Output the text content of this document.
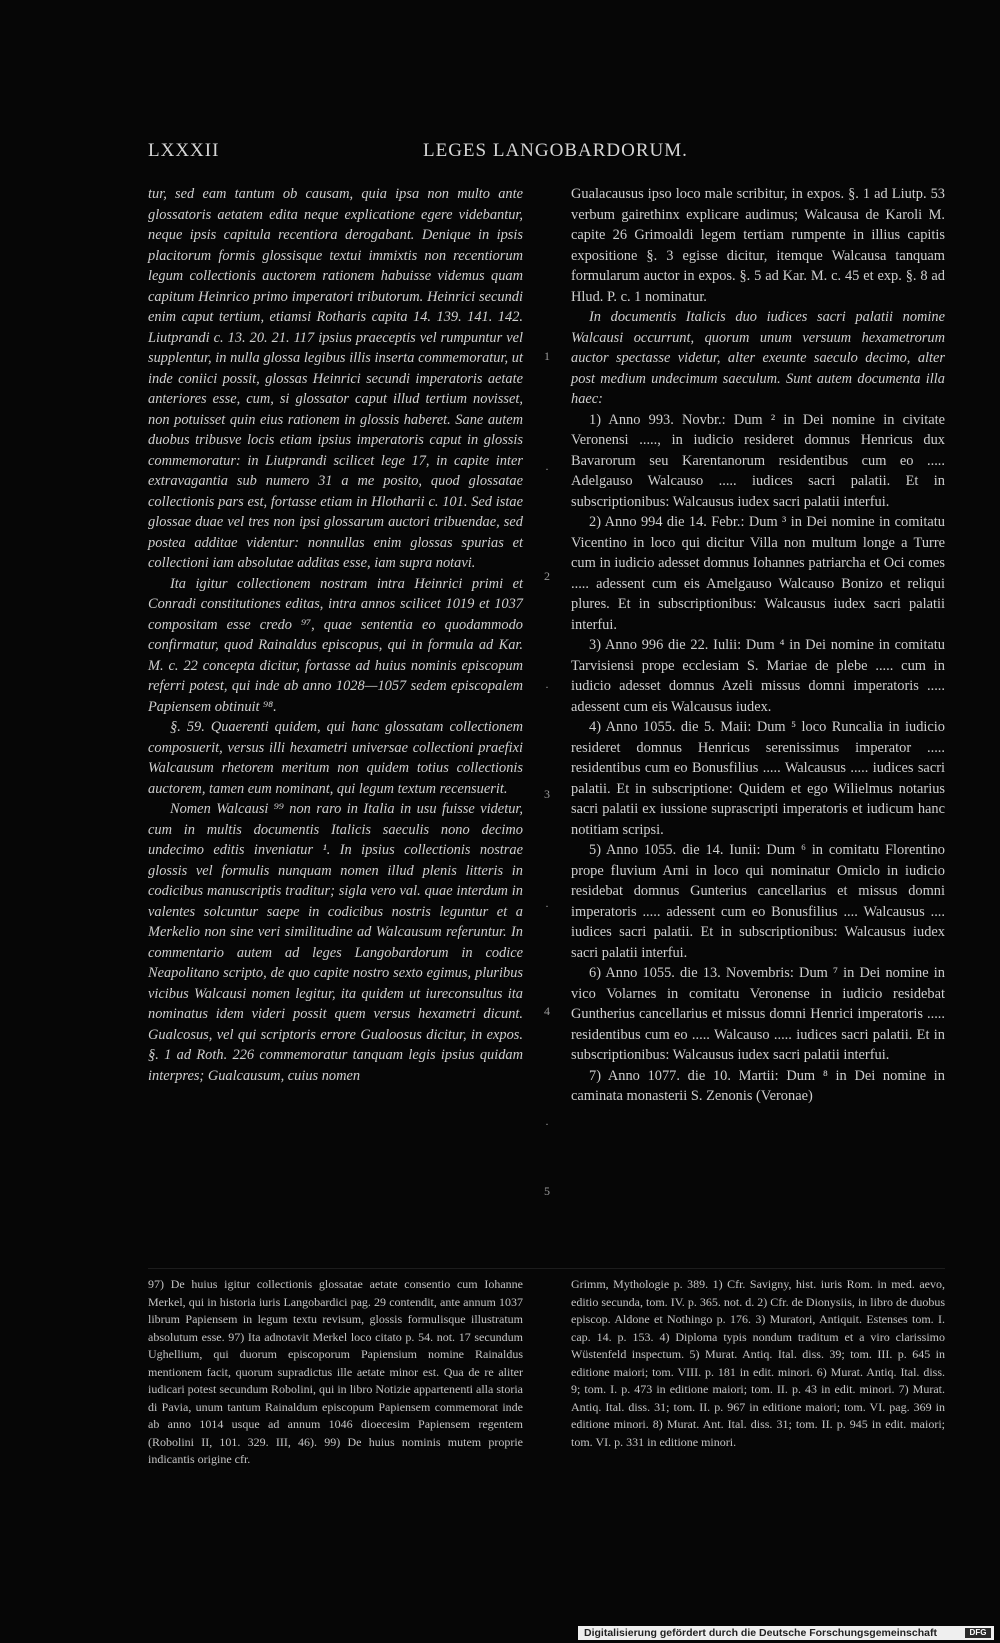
LXXXII	LEGES LANGOBARDORUM.

tur, sed eam tantum ob causam, quia ipsa non multo ante glossatoris aetatem edita neque explicatione egere videbantur, neque ipsis capitula recentiora derogabant. Denique in ipsis placitorum formis glossisque textui immixtis non recentiorum legum collectionis auctorem rationem habuisse videmus quam capitum Heinrico primo imperatori tributorum. Heinrici secundi enim caput tertium, etiamsi Rotharis capita 14. 139. 141. 142. Liutprandi c. 13. 20. 21. 117 ipsius praeceptis vel rumpuntur vel supplentur, in nulla glossa legibus illis inserta commemoratur, ut inde coniici possit, glossas Heinrici secundi imperatoris aetate anteriores esse, cum, si glossator caput illud tertium novisset, non potuisset quin eius rationem in glossis haberet. Sane autem duobus tribusve locis etiam ipsius imperatoris caput in glossis commemoratur: in Liutprandi scilicet lege 17, in capite inter extravagantia sub numero 31 a me posito, quod glossatae collectionis pars est, fortasse etiam in Hlotharii c. 101. Sed istae glossae duae vel tres non ipsi glossarum auctori tribuendae, sed postea additae videntur: nonnullas enim glossas spurias et collectioni iam absolutae additas esse, iam supra notavi.

Ita igitur collectionem nostram intra Heinrici primi et Conradi constitutiones editas, intra annos scilicet 1019 et 1037 compositam esse credo ⁹⁷, quae sententia eo quodammodo confirmatur, quod Rainaldus episcopus, qui in formula ad Kar. M. c. 22 concepta dicitur, fortasse ad huius nominis episcopum referri potest, qui inde ab anno 1028—1057 sedem episcopalem Papiensem obtinuit ⁹⁸.

§. 59. Quaerenti quidem, qui hanc glossatam collectionem composuerit, versus illi hexametri universae collectioni praefixi Walcausum rhetorem meritum non quidem totius collectionis auctorem, tamen eum nominant, qui legum textum recensuerit.

Nomen Walcausi ⁹⁹ non raro in Italia in usu fuisse videtur, cum in multis documentis Italicis saeculis nono decimo undecimo editis inveniatur ¹. In ipsius collectionis nostrae glossis vel formulis nunquam nomen illud plenis litteris in codicibus manuscriptis traditur; sigla vero val. quae interdum in valentes solcuntur saepe in codicibus nostris leguntur et a Merkelio non sine veri similitudine ad Walcausum referuntur. In commentario autem ad leges Langobardorum in codice Neapolitano scripto, de quo capite nostro sexto egimus, pluribus vicibus Walcausi nomen legitur, ita quidem ut iureconsultus ita nominatus idem videri possit quem versus hexametri dicunt. Gualcosus, vel qui scriptoris errore Gualoosus dicitur, in expos. §. 1 ad Roth. 226 commemoratur tanquam legis ipsius quidam interpres; Gualcausum, cuius nomen

1
.
2
.
3
.
4
.
5

Gualacausus ipso loco male scribitur, in expos. §. 1 ad Liutp. 53 verbum gairethinx explicare audimus; Walcausa de Karoli M. capite 26 Grimoaldi legem tertiam rumpente in illius capitis expositione §. 3 egisse dicitur, itemque Walcausa tanquam formularum auctor in expos. §. 5 ad Kar. M. c. 45 et exp. §. 8 ad Hlud. P. c. 1 nominatur.

In documentis Italicis duo iudices sacri palatii nomine Walcausi occurrunt, quorum unum versuum hexametrorum auctor spectasse videtur, alter exeunte saeculo decimo, alter post medium undecimum saeculum. Sunt autem documenta illa haec:

1) Anno 993. Novbr.: Dum ² in Dei nomine in civitate Veronensi ....., in iudicio resideret domnus Henricus dux Bavarorum seu Karentanorum residentibus cum eo ..... Adelgauso Walcauso ..... iudices sacri palatii. Et in subscriptionibus: Walcausus iudex sacri palatii interfui.

2) Anno 994 die 14. Febr.: Dum ³ in Dei nomine in comitatu Vicentino in loco qui dicitur Villa non multum longe a Turre cum in iudicio adesset domnus Iohannes patriarcha et Oci comes ..... adessent cum eis Amelgauso Walcauso Bonizo et reliqui plures. Et in subscriptionibus: Walcausus iudex sacri palatii interfui.

3) Anno 996 die 22. Iulii: Dum ⁴ in Dei nomine in comitatu Tarvisiensi prope ecclesiam S. Mariae de plebe ..... cum in iudicio adesset domnus Azeli missus domni imperatoris ..... adessent cum eis Walcausus iudex.

4) Anno 1055. die 5. Maii: Dum ⁵ loco Runcalia in iudicio resideret domnus Henricus serenissimus imperator ..... residentibus cum eo Bonusfilius ..... Walcausus ..... iudices sacri palatii. Et in subscriptione: Quidem et ego Wilielmus notarius sacri palatii ex iussione suprascripti imperatoris et iudicum hanc notitiam scripsi.

5) Anno 1055. die 14. Iunii: Dum ⁶ in comitatu Florentino prope fluvium Arni in loco qui nominatur Omiclo in iudicio residebat domnus Gunterius cancellarius et missus domni imperatoris ..... adessent cum eo Bonusfilius .... Walcausus .... iudices sacri palatii. Et in subscriptionibus: Walcausus iudex sacri palatii interfui.

6) Anno 1055. die 13. Novembris: Dum ⁷ in Dei nomine in vico Volarnes in comitatu Veronense in iudicio residebat Guntherius cancellarius et missus domni Henrici imperatoris ..... residentibus cum eo ..... Walcauso ..... iudices sacri palatii. Et in subscriptionibus: Walcausus iudex sacri palatii interfui.

7) Anno 1077. die 10. Martii: Dum ⁸ in Dei nomine in caminata monasterii S. Zenonis (Veronae)

97) De huius igitur collectionis glossatae aetate consentio cum Iohanne Merkel, qui in historia iuris Langobardici pag. 29 contendit, ante annum 1037 librum Papiensem in legum textu revisum, glossis formulisque illustratum absolutum esse. 97) Ita adnotavit Merkel loco citato p. 54. not. 17 secundum Ughellium, qui duorum episcoporum Papiensium nomine Rainaldus mentionem facit, quorum supradictus ille aetate minor est. Qua de re aliter iudicari potest secundum Robolini, qui in libro Notizie appartenenti alla storia di Pavia, unum tantum Rainaldum episcopum Papiensem commemorat inde ab anno 1014 usque ad annum 1046 dioecesim Papiensem regentem (Robolini II, 101. 329. III, 46). 99) De huius nominis mutem proprie indicantis origine cfr.

Grimm, Mythologie p. 389. 1) Cfr. Savigny, hist. iuris Rom. in med. aevo, editio secunda, tom. IV. p. 365. not. d. 2) Cfr. de Dionysiis, in libro de duobus episcop. Aldone et Nothingo p. 176. 3) Muratori, Antiquit. Estenses tom. I. cap. 14. p. 153. 4) Diploma typis nondum traditum et a viro clarissimo Wüstenfeld inspectum. 5) Murat. Antiq. Ital. diss. 39; tom. III. p. 645 in editione maiori; tom. VIII. p. 181 in edit. minori. 6) Murat. Antiq. Ital. diss. 9; tom. I. p. 473 in editione maiori; tom. II. p. 43 in edit. minori. 7) Murat. Antiq. Ital. diss. 31; tom. II. p. 967 in editione maiori; tom. VI. pag. 369 in editione minori. 8) Murat. Ant. Ital. diss. 31; tom. II. p. 945 in edit. maiori; tom. VI. p. 331 in editione minori.

Digitalisierung gefördert durch die Deutsche Forschungsgemeinschaft	DFG
